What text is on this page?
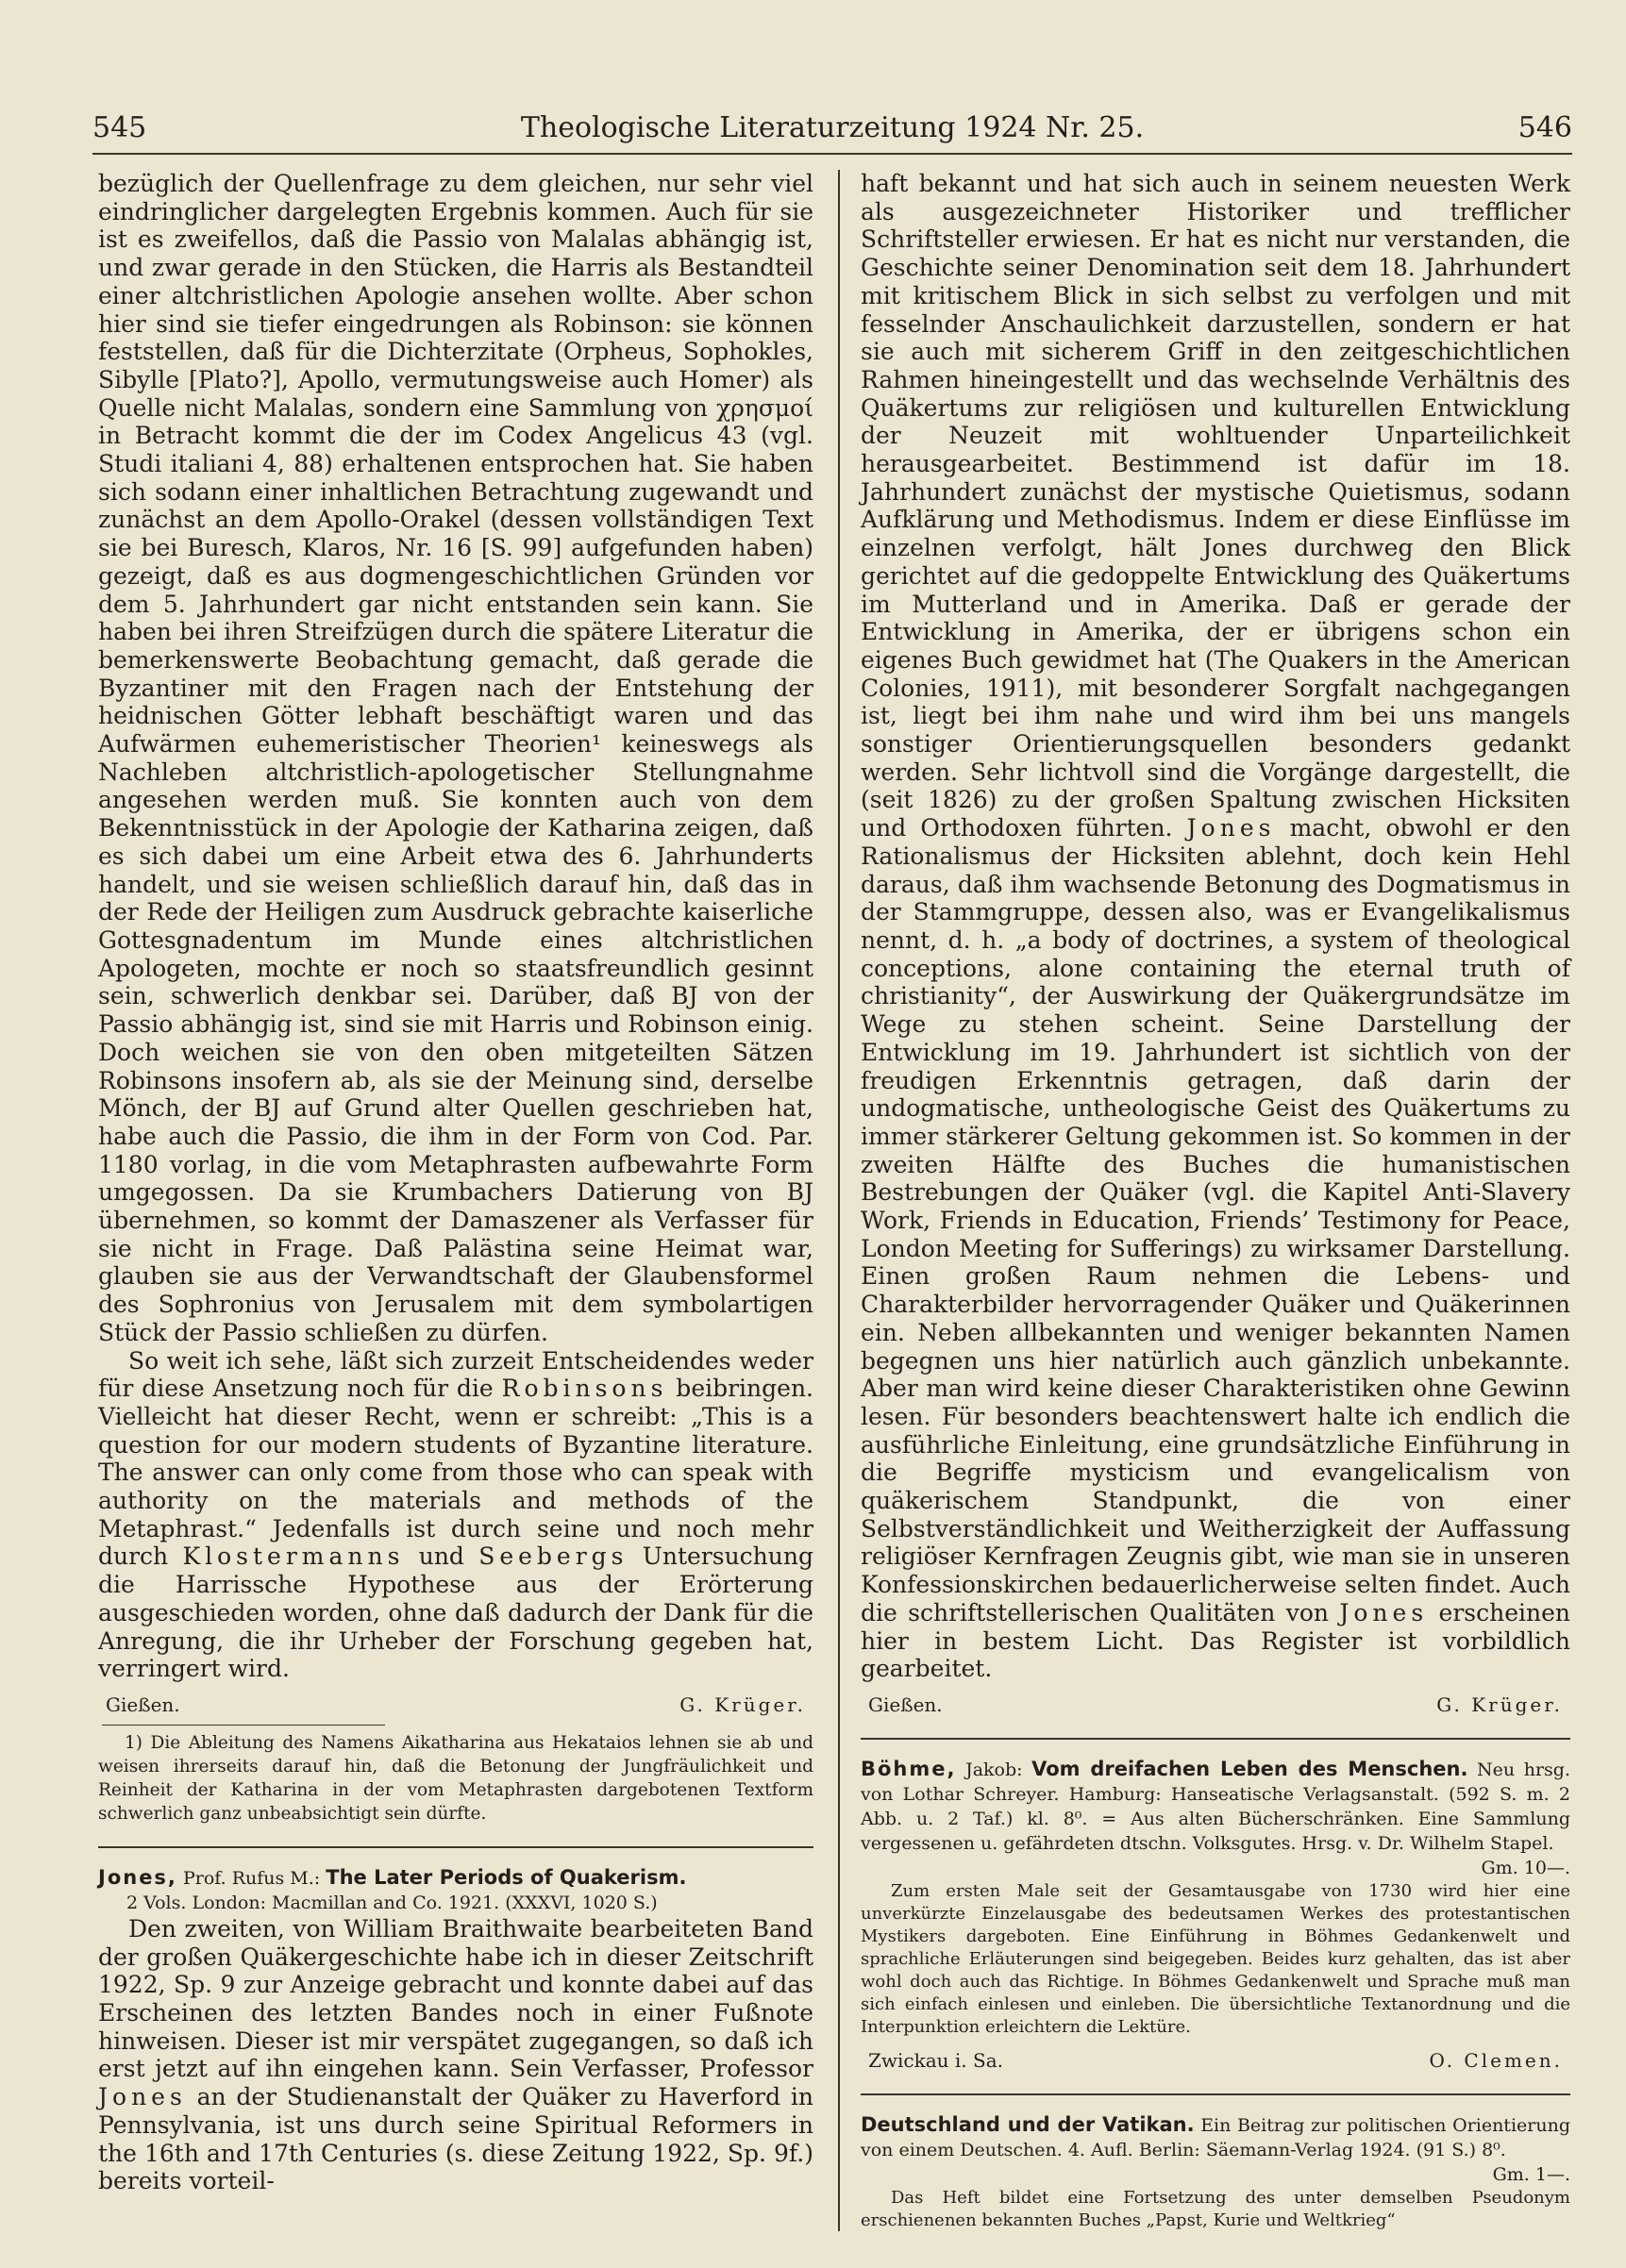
545	Theologische Literaturzeitung 1924 Nr. 25.	546

bezüglich der Quellenfrage zu dem gleichen, nur sehr viel eindringlicher dargelegten Ergebnis kommen. Auch für sie ist es zweifellos, daß die Passio von Malalas abhängig ist, und zwar gerade in den Stücken, die Harris als Bestandteil einer altchristlichen Apologie ansehen wollte. Aber schon hier sind sie tiefer eingedrungen als Robinson: sie können feststellen, daß für die Dichterzitate (Orpheus, Sophokles, Sibylle [Plato?], Apollo, vermutungsweise auch Homer) als Quelle nicht Malalas, sondern eine Sammlung von χρησμοί in Betracht kommt die der im Codex Angelicus 43 (vgl. Studi italiani 4, 88) erhaltenen entsprochen hat. Sie haben sich sodann einer inhaltlichen Betrachtung zugewandt und zunächst an dem Apollo-Orakel (dessen vollständigen Text sie bei Buresch, Klaros, Nr. 16 [S. 99] aufgefunden haben) gezeigt, daß es aus dogmengeschichtlichen Gründen vor dem 5. Jahrhundert gar nicht entstanden sein kann. Sie haben bei ihren Streifzügen durch die spätere Literatur die bemerkenswerte Beobachtung gemacht, daß gerade die Byzantiner mit den Fragen nach der Entstehung der heidnischen Götter lebhaft beschäftigt waren und das Aufwärmen euhemeristischer Theorien¹ keineswegs als Nachleben altchristlich-apologetischer Stellungnahme angesehen werden muß. Sie konnten auch von dem Bekenntnisstück in der Apologie der Katharina zeigen, daß es sich dabei um eine Arbeit etwa des 6. Jahrhunderts handelt, und sie weisen schließlich darauf hin, daß das in der Rede der Heiligen zum Ausdruck gebrachte kaiserliche Gottesgnadentum im Munde eines altchristlichen Apologeten, mochte er noch so staatsfreundlich gesinnt sein, schwerlich denkbar sei. Darüber, daß BJ von der Passio abhängig ist, sind sie mit Harris und Robinson einig. Doch weichen sie von den oben mitgeteilten Sätzen Robinsons insofern ab, als sie der Meinung sind, derselbe Mönch, der BJ auf Grund alter Quellen geschrieben hat, habe auch die Passio, die ihm in der Form von Cod. Par. 1180 vorlag, in die vom Metaphrasten aufbewahrte Form umgegossen. Da sie Krumbachers Datierung von BJ übernehmen, so kommt der Damaszener als Verfasser für sie nicht in Frage. Daß Palästina seine Heimat war, glauben sie aus der Verwandtschaft der Glaubensformel des Sophronius von Jerusalem mit dem symbolartigen Stück der Passio schließen zu dürfen.

So weit ich sehe, läßt sich zurzeit Entscheidendes weder für diese Ansetzung noch für die Robinsons beibringen. Vielleicht hat dieser Recht, wenn er schreibt: „This is a question for our modern students of Byzantine literature. The answer can only come from those who can speak with authority on the materials and methods of the Metaphrast.“ Jedenfalls ist durch seine und noch mehr durch Klostermanns und Seebergs Untersuchung die Harrissche Hypothese aus der Erörterung ausgeschieden worden, ohne daß dadurch der Dank für die Anregung, die ihr Urheber der Forschung gegeben hat, verringert wird.

Gießen.	G. Krüger.

1) Die Ableitung des Namens Aikatharina aus Hekataios lehnen sie ab und weisen ihrerseits darauf hin, daß die Betonung der Jungfräulichkeit und Reinheit der Katharina in der vom Metaphrasten dargebotenen Textform schwerlich ganz unbeabsichtigt sein dürfte.

Jones, Prof. Rufus M.: The Later Periods of Quakerism.

2 Vols. London: Macmillan and Co. 1921. (XXXVI, 1020 S.)

Den zweiten, von William Braithwaite bearbeiteten Band der großen Quäkergeschichte habe ich in dieser Zeitschrift 1922, Sp. 9 zur Anzeige gebracht und konnte dabei auf das Erscheinen des letzten Bandes noch in einer Fußnote hinweisen. Dieser ist mir verspätet zugegangen, so daß ich erst jetzt auf ihn eingehen kann. Sein Verfasser, Professor Jones an der Studienanstalt der Quäker zu Haverford in Pennsylvania, ist uns durch seine Spiritual Reformers in the 16th and 17th Centuries (s. diese Zeitung 1922, Sp. 9f.) bereits vorteil-

haft bekannt und hat sich auch in seinem neuesten Werk als ausgezeichneter Historiker und trefflicher Schriftsteller erwiesen. Er hat es nicht nur verstanden, die Geschichte seiner Denomination seit dem 18. Jahrhundert mit kritischem Blick in sich selbst zu verfolgen und mit fesselnder Anschaulichkeit darzustellen, sondern er hat sie auch mit sicherem Griff in den zeitgeschichtlichen Rahmen hineingestellt und das wechselnde Verhältnis des Quäkertums zur religiösen und kulturellen Entwicklung der Neuzeit mit wohltuender Unparteilichkeit herausgearbeitet. Bestimmend ist dafür im 18. Jahrhundert zunächst der mystische Quietismus, sodann Aufklärung und Methodismus. Indem er diese Einflüsse im einzelnen verfolgt, hält Jones durchweg den Blick gerichtet auf die gedoppelte Entwicklung des Quäkertums im Mutterland und in Amerika. Daß er gerade der Entwicklung in Amerika, der er übrigens schon ein eigenes Buch gewidmet hat (The Quakers in the American Colonies, 1911), mit besonderer Sorgfalt nachgegangen ist, liegt bei ihm nahe und wird ihm bei uns mangels sonstiger Orientierungsquellen besonders gedankt werden. Sehr lichtvoll sind die Vorgänge dargestellt, die (seit 1826) zu der großen Spaltung zwischen Hicksiten und Orthodoxen führten. Jones macht, obwohl er den Rationalismus der Hicksiten ablehnt, doch kein Hehl daraus, daß ihm wachsende Betonung des Dogmatismus in der Stammgruppe, dessen also, was er Evangelikalismus nennt, d. h. „a body of doctrines, a system of theological conceptions, alone containing the eternal truth of christianity“, der Auswirkung der Quäkergrundsätze im Wege zu stehen scheint. Seine Darstellung der Entwicklung im 19. Jahrhundert ist sichtlich von der freudigen Erkenntnis getragen, daß darin der undogmatische, untheologische Geist des Quäkertums zu immer stärkerer Geltung gekommen ist. So kommen in der zweiten Hälfte des Buches die humanistischen Bestrebungen der Quäker (vgl. die Kapitel Anti-Slavery Work, Friends in Education, Friends’ Testimony for Peace, London Meeting for Sufferings) zu wirksamer Darstellung. Einen großen Raum nehmen die Lebens- und Charakterbilder hervorragender Quäker und Quäkerinnen ein. Neben allbekannten und weniger bekannten Namen begegnen uns hier natürlich auch gänzlich unbekannte. Aber man wird keine dieser Charakteristiken ohne Gewinn lesen. Für besonders beachtenswert halte ich endlich die ausführliche Einleitung, eine grundsätzliche Einführung in die Begriffe mysticism und evangelicalism von quäkerischem Standpunkt, die von einer Selbstverständlichkeit und Weitherzigkeit der Auffassung religiöser Kernfragen Zeugnis gibt, wie man sie in unseren Konfessionskirchen bedauerlicherweise selten findet. Auch die schriftstellerischen Qualitäten von Jones erscheinen hier in bestem Licht. Das Register ist vorbildlich gearbeitet.

Gießen.	G. Krüger.

Böhme, Jakob: Vom dreifachen Leben des Menschen. Neu hrsg. von Lothar Schreyer. Hamburg: Hanseatische Verlagsanstalt. (592 S. m. 2 Abb. u. 2 Taf.) kl. 8⁰. = Aus alten Bücherschränken. Eine Sammlung vergessenen u. gefährdeten dtschn. Volksgutes. Hrsg. v. Dr. Wilhelm Stapel.

Gm. 10—.

Zum ersten Male seit der Gesamtausgabe von 1730 wird hier eine unverkürzte Einzelausgabe des bedeutsamen Werkes des protestantischen Mystikers dargeboten. Eine Einführung in Böhmes Gedankenwelt und sprachliche Erläuterungen sind beigegeben. Beides kurz gehalten, das ist aber wohl doch auch das Richtige. In Böhmes Gedankenwelt und Sprache muß man sich einfach einlesen und einleben. Die übersichtliche Textanordnung und die Interpunktion erleichtern die Lektüre.

Zwickau i. Sa.	O. Clemen.

Deutschland und der Vatikan. Ein Beitrag zur politischen Orientierung von einem Deutschen. 4. Aufl. Berlin: Säemann-Verlag 1924. (91 S.) 8⁰.

Gm. 1—.

Das Heft bildet eine Fortsetzung des unter demselben Pseudonym erschienenen bekannten Buches „Papst, Kurie und Weltkrieg“
